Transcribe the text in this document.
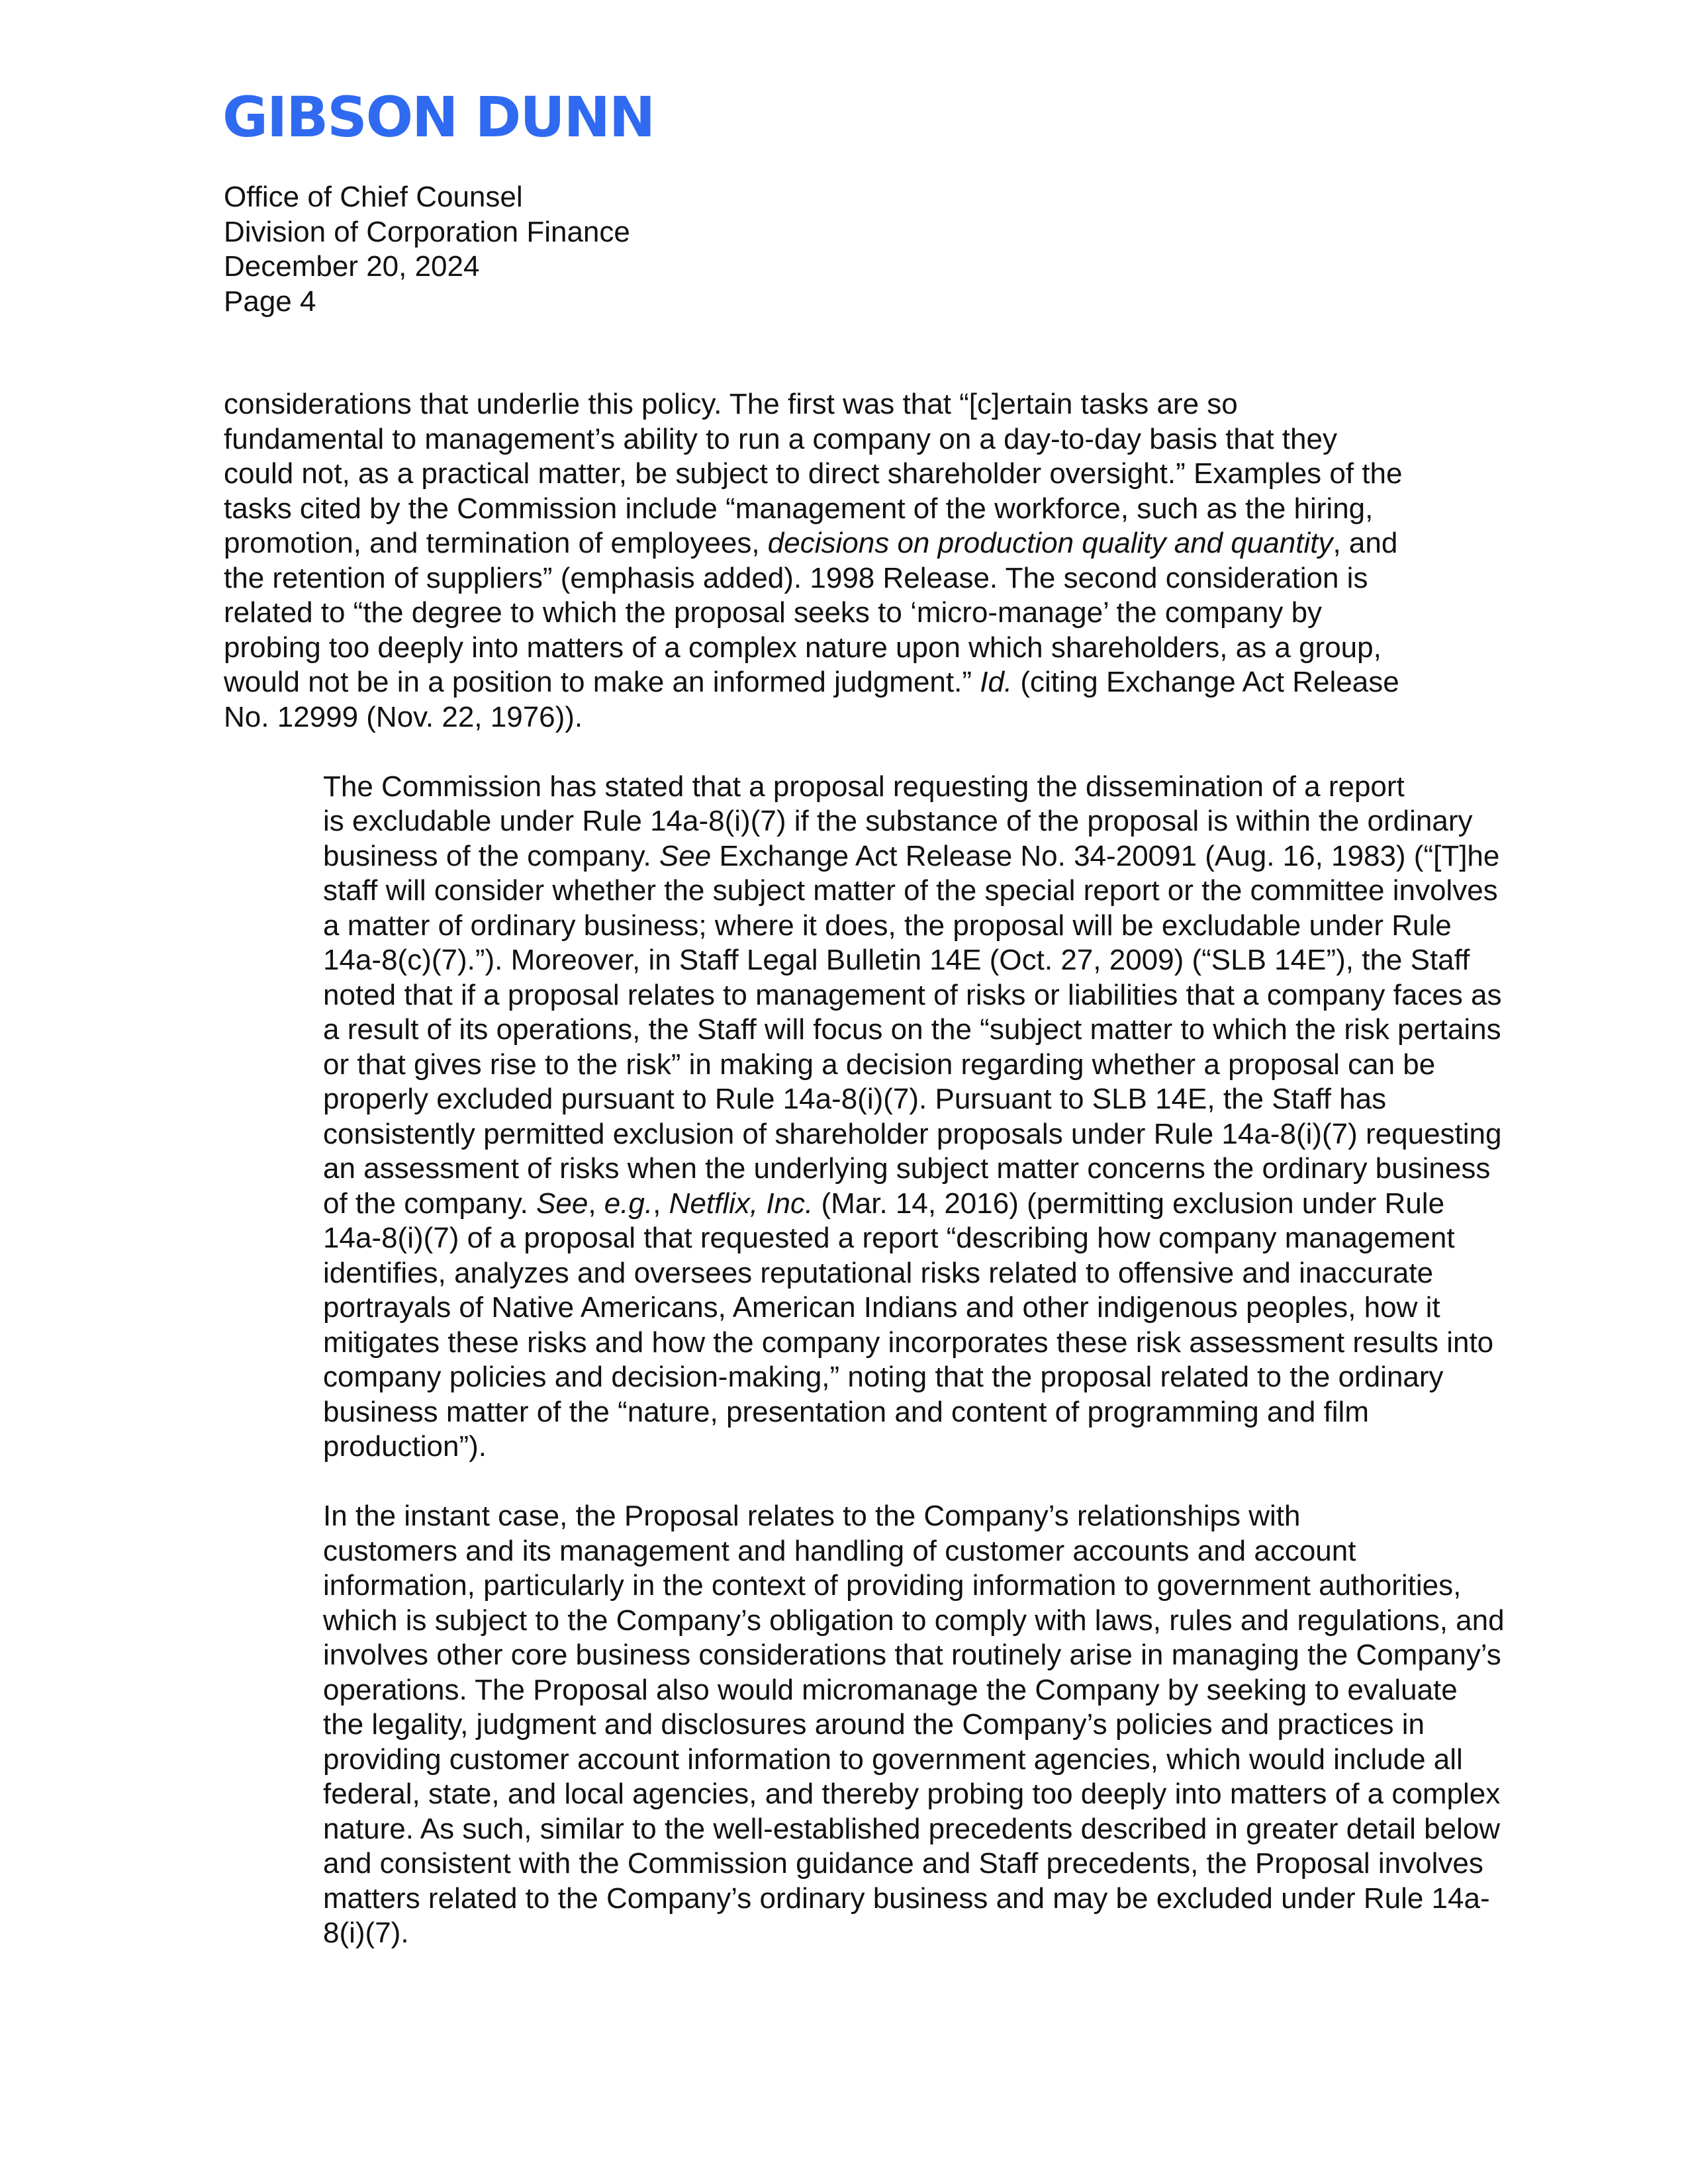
GIBSON DUNN
Office of Chief Counsel
Division of Corporation Finance
December 20, 2024
Page 4
considerations that underlie this policy. The first was that “[c]ertain tasks are so
fundamental to management’s ability to run a company on a day-to-day basis that they
could not, as a practical matter, be subject to direct shareholder oversight.” Examples of the
tasks cited by the Commission include “management of the workforce, such as the hiring,
promotion, and termination of employees, decisions on production quality and quantity, and
the retention of suppliers” (emphasis added). 1998 Release. The second consideration is
related to “the degree to which the proposal seeks to ‘micro-manage’ the company by
probing too deeply into matters of a complex nature upon which shareholders, as a group,
would not be in a position to make an informed judgment.” Id. (citing Exchange Act Release
No. 12999 (Nov. 22, 1976)).
The Commission has stated that a proposal requesting the dissemination of a report
is excludable under Rule 14a-8(i)(7) if the substance of the proposal is within the ordinary
business of the company. See Exchange Act Release No. 34-20091 (Aug. 16, 1983) (“[T]he
staff will consider whether the subject matter of the special report or the committee involves
a matter of ordinary business; where it does, the proposal will be excludable under Rule
14a-8(c)(7).”). Moreover, in Staff Legal Bulletin 14E (Oct. 27, 2009) (“SLB 14E”), the Staff
noted that if a proposal relates to management of risks or liabilities that a company faces as
a result of its operations, the Staff will focus on the “subject matter to which the risk pertains
or that gives rise to the risk” in making a decision regarding whether a proposal can be
properly excluded pursuant to Rule 14a-8(i)(7). Pursuant to SLB 14E, the Staff has
consistently permitted exclusion of shareholder proposals under Rule 14a-8(i)(7) requesting
an assessment of risks when the underlying subject matter concerns the ordinary business
of the company. See, e.g., Netflix, Inc. (Mar. 14, 2016) (permitting exclusion under Rule
14a-8(i)(7) of a proposal that requested a report “describing how company management
identifies, analyzes and oversees reputational risks related to offensive and inaccurate
portrayals of Native Americans, American Indians and other indigenous peoples, how it
mitigates these risks and how the company incorporates these risk assessment results into
company policies and decision-making,” noting that the proposal related to the ordinary
business matter of the “nature, presentation and content of programming and film
production”).
In the instant case, the Proposal relates to the Company’s relationships with
customers and its management and handling of customer accounts and account
information, particularly in the context of providing information to government authorities,
which is subject to the Company’s obligation to comply with laws, rules and regulations, and
involves other core business considerations that routinely arise in managing the Company’s
operations. The Proposal also would micromanage the Company by seeking to evaluate
the legality, judgment and disclosures around the Company’s policies and practices in
providing customer account information to government agencies, which would include all
federal, state, and local agencies, and thereby probing too deeply into matters of a complex
nature. As such, similar to the well-established precedents described in greater detail below
and consistent with the Commission guidance and Staff precedents, the Proposal involves
matters related to the Company’s ordinary business and may be excluded under Rule 14a-
8(i)(7).
